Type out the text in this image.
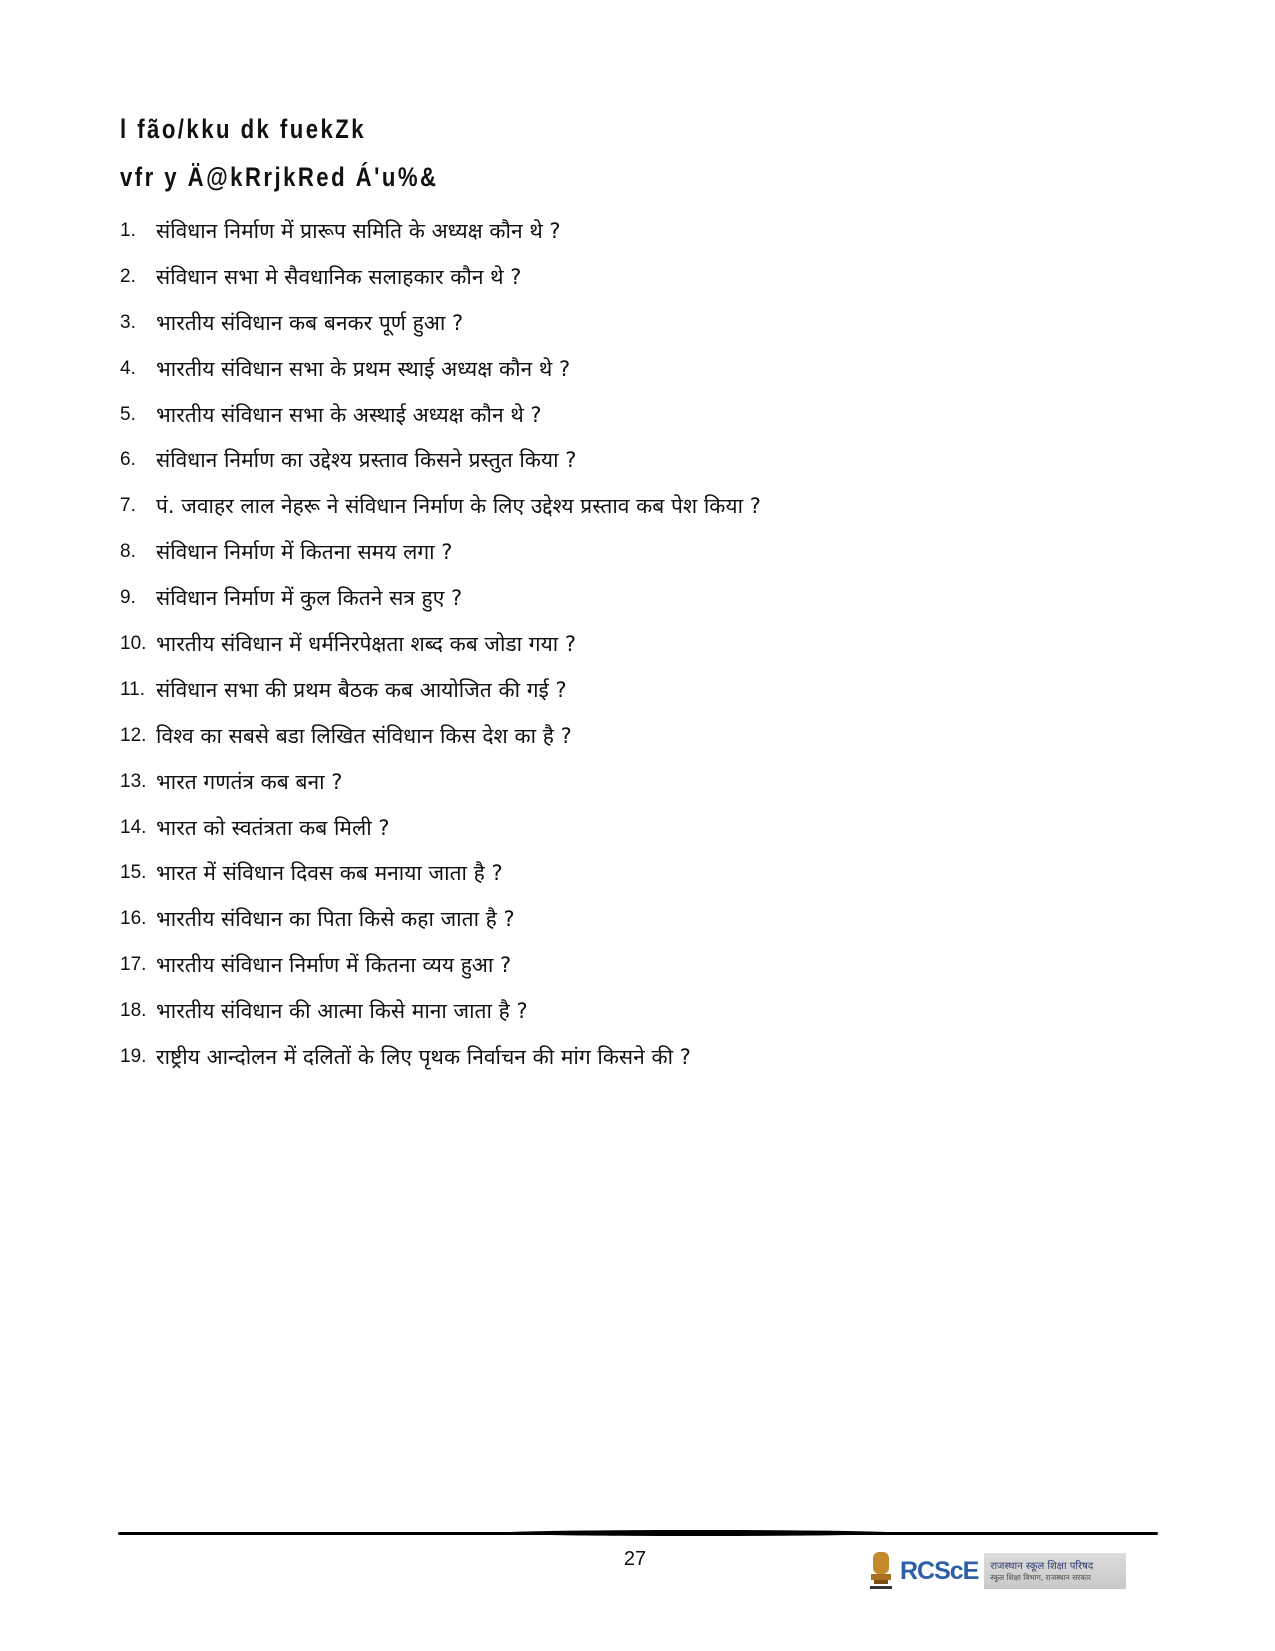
l fão/kku dk fuekZk
vfr y Ä@kRrjkRed Á'u%&
1. संविधान निर्माण में प्रारूप समिति के अध्यक्ष कौन थे ?
2. संविधान सभा मे सैवधानिक सलाहकार कौन थे ?
3. भारतीय संविधान कब बनकर पूर्ण हुआ ?
4. भारतीय संविधान सभा के प्रथम स्थाई अध्यक्ष कौन थे ?
5. भारतीय संविधान सभा के अस्थाई अध्यक्ष कौन थे ?
6. संविधान निर्माण का उद्देश्य प्रस्ताव किसने प्रस्तुत किया ?
7. पं. जवाहर लाल नेहरू ने संविधान निर्माण के लिए उद्देश्य प्रस्ताव कब पेश किया ?
8. संविधान निर्माण में कितना समय लगा ?
9. संविधान निर्माण में कुल कितने सत्र हुए ?
10. भारतीय संविधान में धर्मनिरपेक्षता शब्द कब जोडा गया ?
11. संविधान सभा की प्रथम बैठक कब आयोजित की गई ?
12. विश्व का सबसे बडा लिखित संविधान किस देश का है ?
13. भारत गणतंत्र कब बना ?
14. भारत को स्वतंत्रता कब मिली ?
15. भारत में संविधान दिवस कब मनाया जाता है ?
16. भारतीय संविधान का पिता किसे कहा जाता है ?
17. भारतीय संविधान निर्माण में कितना व्यय हुआ ?
18. भारतीय संविधान की आत्मा किसे माना जाता है ?
19. राष्ट्रीय आन्दोलन में दलितों के लिए पृथक निर्वाचन की मांग किसने की ?
27	RCScE राजस्थान स्कूल शिक्षा परिषद
स्कूल शिक्षा विभाग, राजस्थान सरकार
